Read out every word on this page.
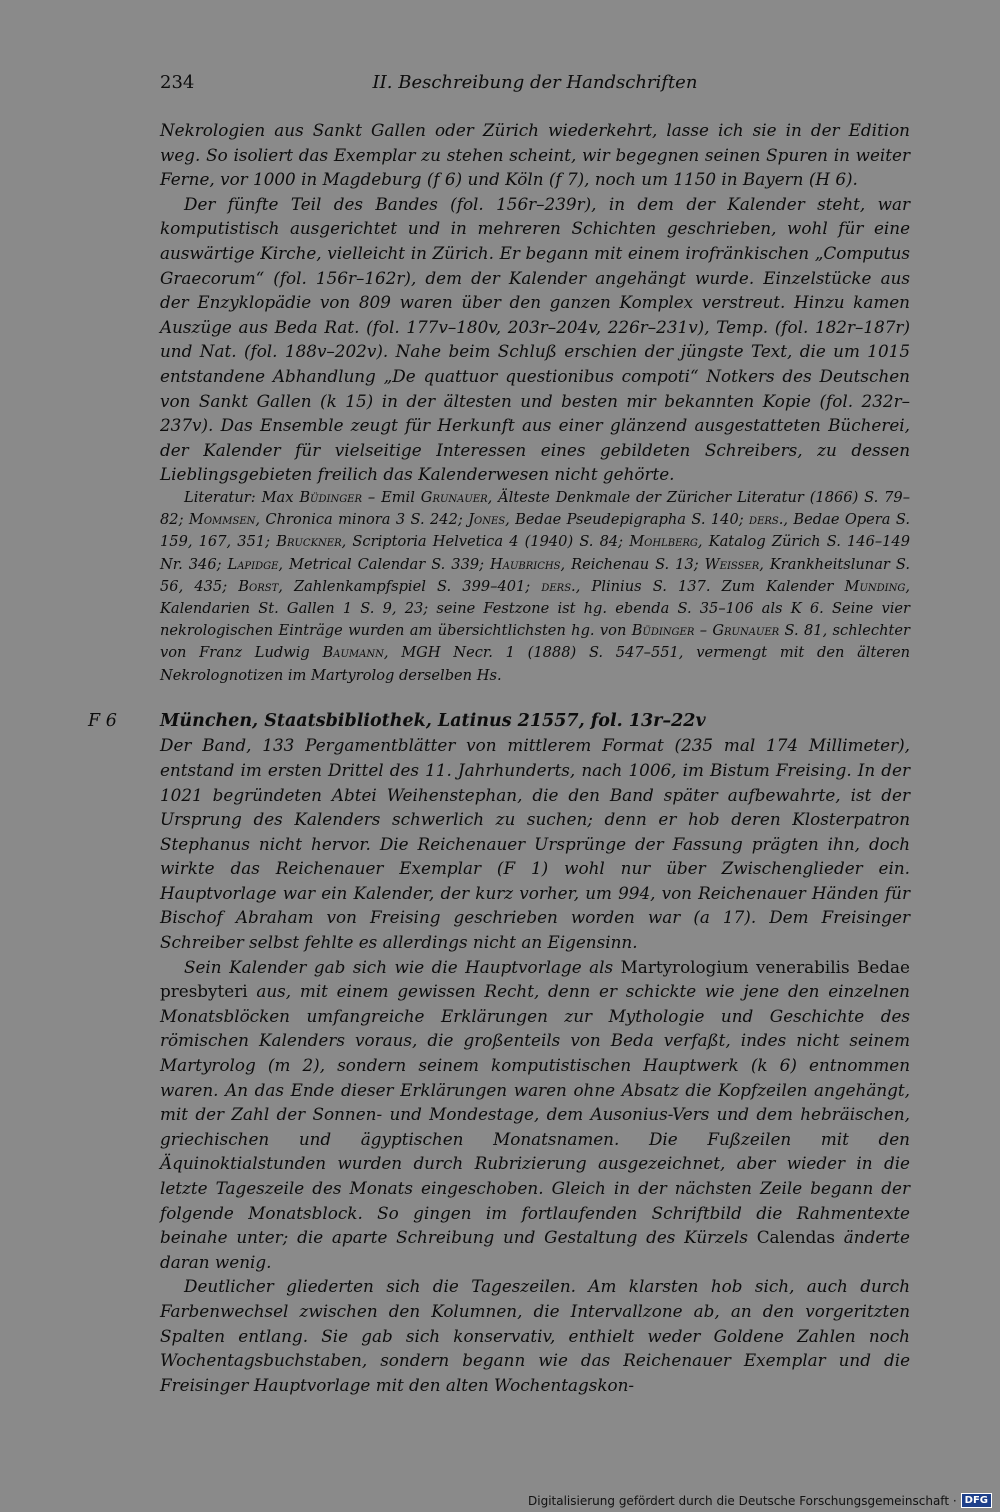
234	II. Beschreibung der Handschriften

Nekrologien aus Sankt Gallen oder Zürich wiederkehrt, lasse ich sie in der Edition weg. So isoliert das Exemplar zu stehen scheint, wir begegnen seinen Spuren in weiter Ferne, vor 1000 in Magdeburg (f 6) und Köln (f 7), noch um 1150 in Bayern (H 6).

Der fünfte Teil des Bandes (fol. 156r–239r), in dem der Kalender steht, war komputistisch ausgerichtet und in mehreren Schichten geschrieben, wohl für eine auswärtige Kirche, vielleicht in Zürich. Er begann mit einem irofränkischen „Computus Graecorum“ (fol. 156r–162r), dem der Kalender angehängt wurde. Einzelstücke aus der Enzyklopädie von 809 waren über den ganzen Komplex verstreut. Hinzu kamen Auszüge aus Beda Rat. (fol. 177v–180v, 203r–204v, 226r–231v), Temp. (fol. 182r–187r) und Nat. (fol. 188v–202v). Nahe beim Schluß erschien der jüngste Text, die um 1015 entstandene Abhandlung „De quattuor questionibus compoti“ Notkers des Deutschen von Sankt Gallen (k 15) in der ältesten und besten mir bekannten Kopie (fol. 232r–237v). Das Ensemble zeugt für Herkunft aus einer glänzend ausgestatteten Bücherei, der Kalender für vielseitige Interessen eines gebildeten Schreibers, zu dessen Lieblingsgebieten freilich das Kalenderwesen nicht gehörte.

Literatur: Max Büdinger – Emil Grunauer, Älteste Denkmale der Züricher Literatur (1866) S. 79–82; Mommsen, Chronica minora 3 S. 242; Jones, Bedae Pseudepigrapha S. 140; ders., Bedae Opera S. 159, 167, 351; Bruckner, Scriptoria Helvetica 4 (1940) S. 84; Mohlberg, Katalog Zürich S. 146–149 Nr. 346; Lapidge, Metrical Calendar S. 339; Haubrichs, Reichenau S. 13; Weisser, Krankheitslunar S. 56, 435; Borst, Zahlenkampfspiel S. 399–401; ders., Plinius S. 137. Zum Kalender Munding, Kalendarien St. Gallen 1 S. 9, 23; seine Festzone ist hg. ebenda S. 35–106 als K 6. Seine vier nekrologischen Einträge wurden am übersichtlichsten hg. von Büdinger – Grunauer S. 81, schlechter von Franz Ludwig Baumann, MGH Necr. 1 (1888) S. 547–551, vermengt mit den älteren Nekrolognotizen im Martyrolog derselben Hs.

F 6 München, Staatsbibliothek, Latinus 21557, fol. 13r–22v

Der Band, 133 Pergamentblätter von mittlerem Format (235 mal 174 Millimeter), entstand im ersten Drittel des 11. Jahrhunderts, nach 1006, im Bistum Freising. In der 1021 begründeten Abtei Weihenstephan, die den Band später aufbewahrte, ist der Ursprung des Kalenders schwerlich zu suchen; denn er hob deren Klosterpatron Stephanus nicht hervor. Die Reichenauer Ursprünge der Fassung prägten ihn, doch wirkte das Reichenauer Exemplar (F 1) wohl nur über Zwischenglieder ein. Hauptvorlage war ein Kalender, der kurz vorher, um 994, von Reichenauer Händen für Bischof Abraham von Freising geschrieben worden war (a 17). Dem Freisinger Schreiber selbst fehlte es allerdings nicht an Eigensinn.

Sein Kalender gab sich wie die Hauptvorlage als Martyrologium venerabilis Bedae presbyteri aus, mit einem gewissen Recht, denn er schickte wie jene den einzelnen Monatsblöcken umfangreiche Erklärungen zur Mythologie und Geschichte des römischen Kalenders voraus, die großenteils von Beda verfaßt, indes nicht seinem Martyrolog (m 2), sondern seinem komputistischen Hauptwerk (k 6) entnommen waren. An das Ende dieser Erklärungen waren ohne Absatz die Kopfzeilen angehängt, mit der Zahl der Sonnen- und Mondestage, dem Ausonius-Vers und dem hebräischen, griechischen und ägyptischen Monatsnamen. Die Fußzeilen mit den Äquinoktialstunden wurden durch Rubrizierung ausgezeichnet, aber wieder in die letzte Tageszeile des Monats eingeschoben. Gleich in der nächsten Zeile begann der folgende Monatsblock. So gingen im fortlaufenden Schriftbild die Rahmentexte beinahe unter; die aparte Schreibung und Gestaltung des Kürzels Calendas änderte daran wenig.

Deutlicher gliederten sich die Tageszeilen. Am klarsten hob sich, auch durch Farbenwechsel zwischen den Kolumnen, die Intervallzone ab, an den vorgeritzten Spalten entlang. Sie gab sich konservativ, enthielt weder Goldene Zahlen noch Wochentagsbuchstaben, sondern begann wie das Reichenauer Exemplar und die Freisinger Hauptvorlage mit den alten Wochentagskon-

Digitalisierung gefördert durch die Deutsche Forschungsgemeinschaft · DFG
